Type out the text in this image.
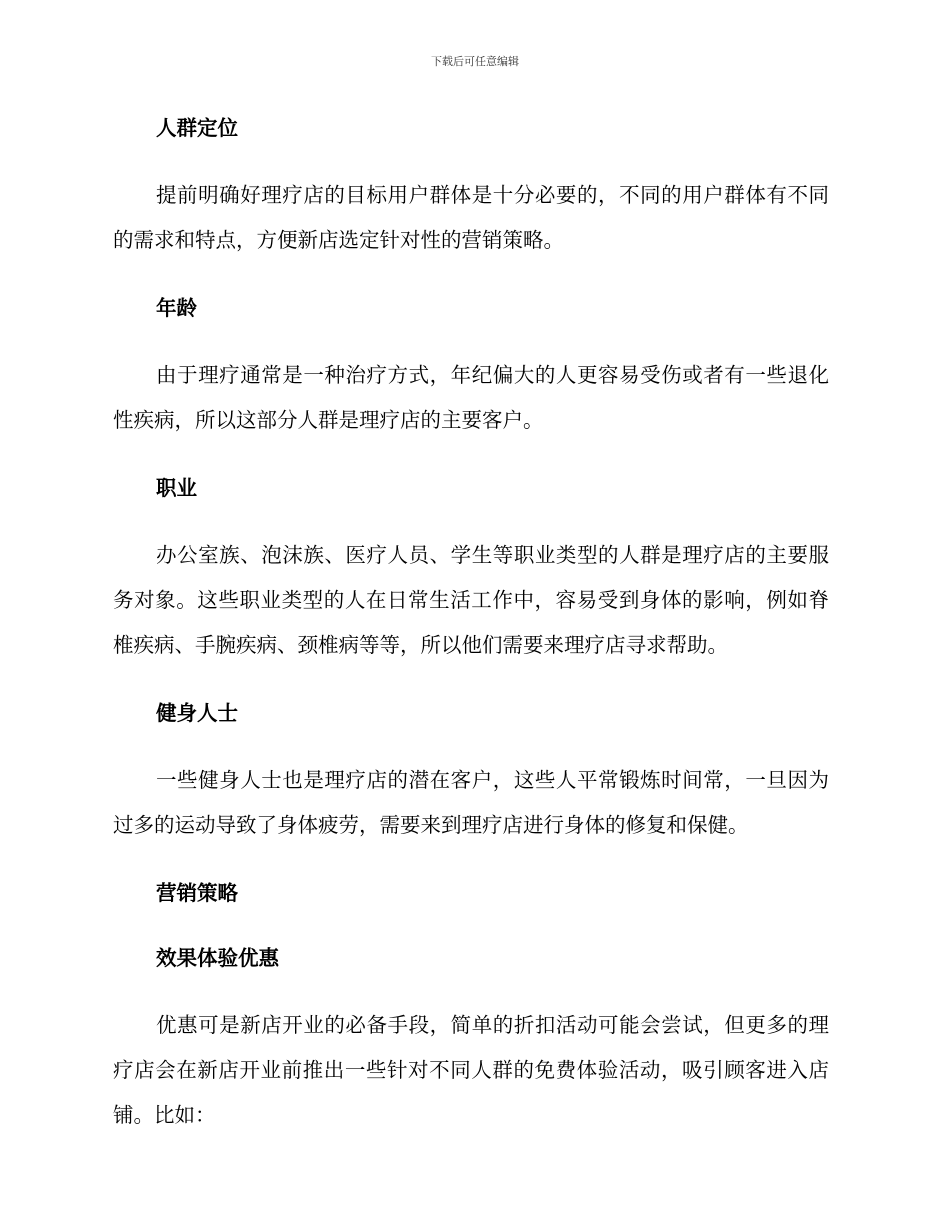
下载后可任意编辑
人群定位
提前明确好理疗店的目标用户群体是十分必要的，不同的用户群体有不同的需求和特点，方便新店选定针对性的营销策略。
年龄
由于理疗通常是一种治疗方式，年纪偏大的人更容易受伤或者有一些退化性疾病，所以这部分人群是理疗店的主要客户。
职业
办公室族、泡沫族、医疗人员、学生等职业类型的人群是理疗店的主要服务对象。这些职业类型的人在日常生活工作中，容易受到身体的影响，例如脊椎疾病、手腕疾病、颈椎病等等，所以他们需要来理疗店寻求帮助。
健身人士
一些健身人士也是理疗店的潜在客户，这些人平常锻炼时间常，一旦因为过多的运动导致了身体疲劳，需要来到理疗店进行身体的修复和保健。
营销策略
效果体验优惠
优惠可是新店开业的必备手段，简单的折扣活动可能会尝试，但更多的理疗店会在新店开业前推出一些针对不同人群的免费体验活动，吸引顾客进入店铺。比如：
